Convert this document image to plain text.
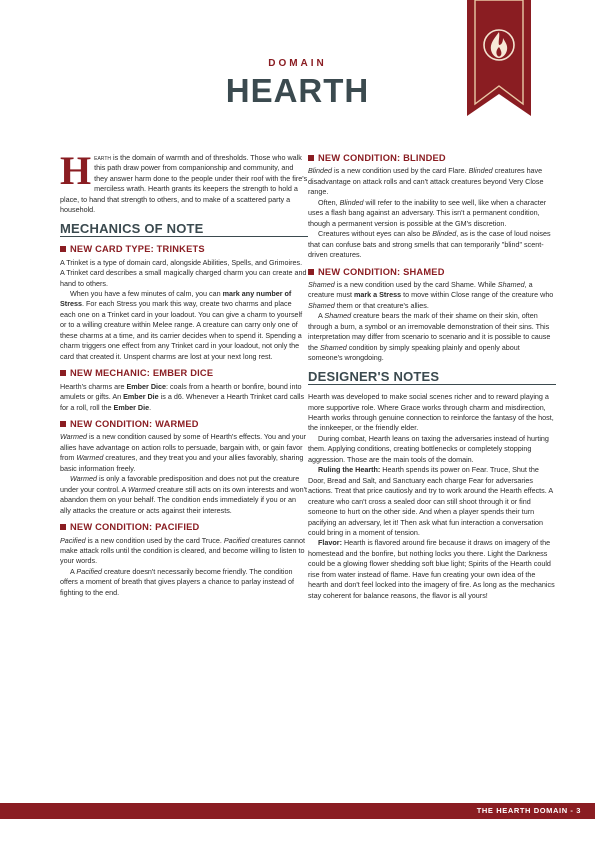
DOMAIN
HEARTH

Hearth is the domain of warmth and of thresholds. Those who walk this path draw power from companionship and community, and they answer harm done to the people under their roof with the fire's merciless wrath. Hearth grants its keepers the strength to hold a place, to hand that strength to others, and to make of a scattered party a household.

MECHANICS OF NOTE
NEW CARD TYPE: TRINKETS

A Trinket is a type of domain card, alongside Abilities, Spells, and Grimoires. A Trinket card describes a small magically charged charm you can create and hand to others.

When you have a few minutes of calm, you can mark any number of Stress. For each Stress you mark this way, create two charms and place each one on a Trinket card in your loadout. You can give a charm to yourself or to a willing creature within Melee range. A creature can carry only one of these charms at a time, and its carrier decides when to spend it. Spending a charm triggers one effect from any Trinket card in your loadout, not only the card that created it. Unspent charms are lost at your next long rest.

NEW MECHANIC: EMBER DICE

Hearth's charms are Ember Dice: coals from a hearth or bonfire, bound into amulets or gifts. An Ember Die is a d6. Whenever a Hearth Trinket card calls for a roll, roll the Ember Die.

NEW CONDITION: WARMED

Warmed is a new condition caused by some of Hearth's effects. You and your allies have advantage on action rolls to persuade, bargain with, or gain favor from Warmed creatures, and they treat you and your allies favorably, sharing basic information freely.

Warmed is only a favorable predisposition and does not put the creature under your control. A Warmed creature still acts on its own interests and won't abandon them on your behalf. The condition ends immediately if you or an ally attacks the creature or acts against their interests.

NEW CONDITION: PACIFIED

Pacified is a new condition used by the card Truce. Pacified creatures cannot make attack rolls until the condition is cleared, and become willing to listen to your words.

A Pacified creature doesn't necessarily become friendly. The condition offers a moment of breath that gives players a chance to parlay instead of fighting to the end.

NEW CONDITION: BLINDED

Blinded is a new condition used by the card Flare. Blinded creatures have disadvantage on attack rolls and can't attack creatures beyond Very Close range.

Often, Blinded will refer to the inability to see well, like when a character uses a flash bang against an adversary. This isn't a permanent condition, though a permanent version is possible at the GM's discretion.

Creatures without eyes can also be Blinded, as is the case of loud noises that can confuse bats and strong smells that can temporarily "blind" scent-driven creatures.

NEW CONDITION: SHAMED

Shamed is a new condition used by the card Shame. While Shamed, a creature must mark a Stress to move within Close range of the creature who Shamed them or that creature's allies.

A Shamed creature bears the mark of their shame on their skin, often through a burn, a symbol or an irremovable demonstration of their sins. This interpretation may differ from scenario to scenario and it is possible to cause the Shamed condition by simply speaking plainly and openly about someone's wrongdoing.

DESIGNER'S NOTES

Hearth was developed to make social scenes richer and to reward playing a more supportive role. Where Grace works through charm and misdirection, Hearth works through genuine connection to reinforce the fantasy of the host, the innkeeper, or the friendly elder.

During combat, Hearth leans on taxing the adversaries instead of hurting them. Applying conditions, creating bottlenecks or completely stopping aggression. Those are the main tools of the domain.

Ruling the Hearth: Hearth spends its power on Fear. Truce, Shut the Door, Bread and Salt, and Sanctuary each charge Fear for adversaries actions. Treat that price cautiosly and try to work around the Hearth effects. A creature who can't cross a sealed door can still shoot through it or find someone to hurt on the other side. And when a player spends their turn pacifying an adversary, let it! Then ask what fun interaction a conversation could bring in a moment of tension.

Flavor: Hearth is flavored around fire because it draws on imagery of the homestead and the bonfire, but nothing locks you there. Light the Darkness could be a glowing flower shedding soft blue light; Spirits of the Hearth could rise from water instead of flame. Have fun creating your own idea of the hearth and don't feel locked into the imagery of fire. As long as the mechanics stay coherent for balance reasons, the flavor is all yours!

THE HEARTH DOMAIN - 3
